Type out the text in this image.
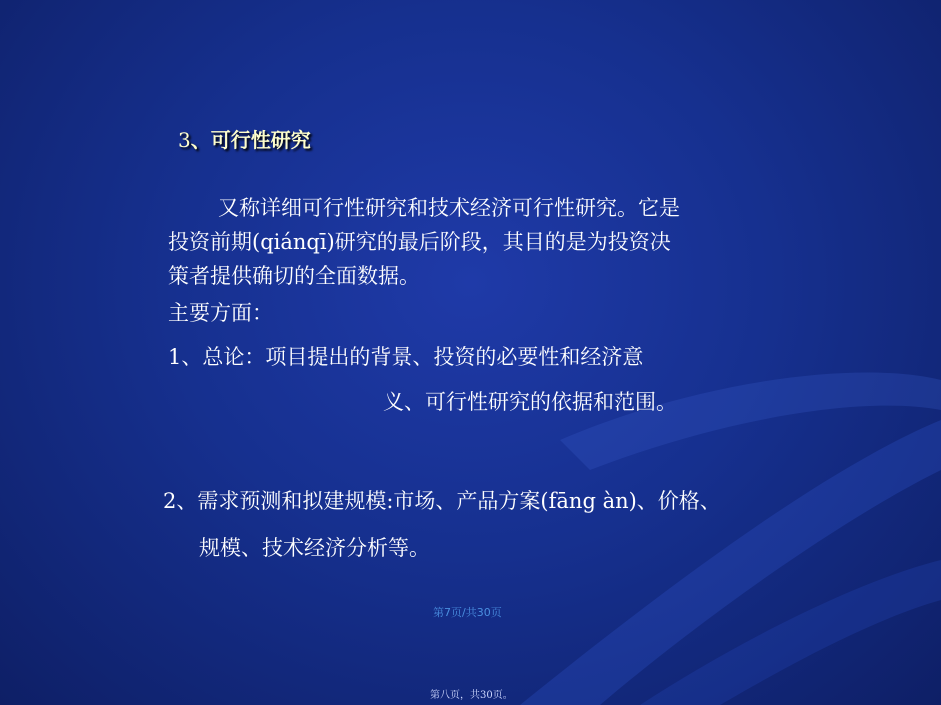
3、可行性研究
又称详细可行性研究和技术经济可行性研究。它是
投资前期(qiánqī)研究的最后阶段，其目的是为投资决
策者提供确切的全面数据。
主要方面：
1、总论：项目提出的背景、投资的必要性和经济意
义、可行性研究的依据和范围。
2、需求预测和拟建规模:市场、产品方案(fāng àn)、价格、
规模、技术经济分析等。
第7页/共30页
第八页，共30页。
